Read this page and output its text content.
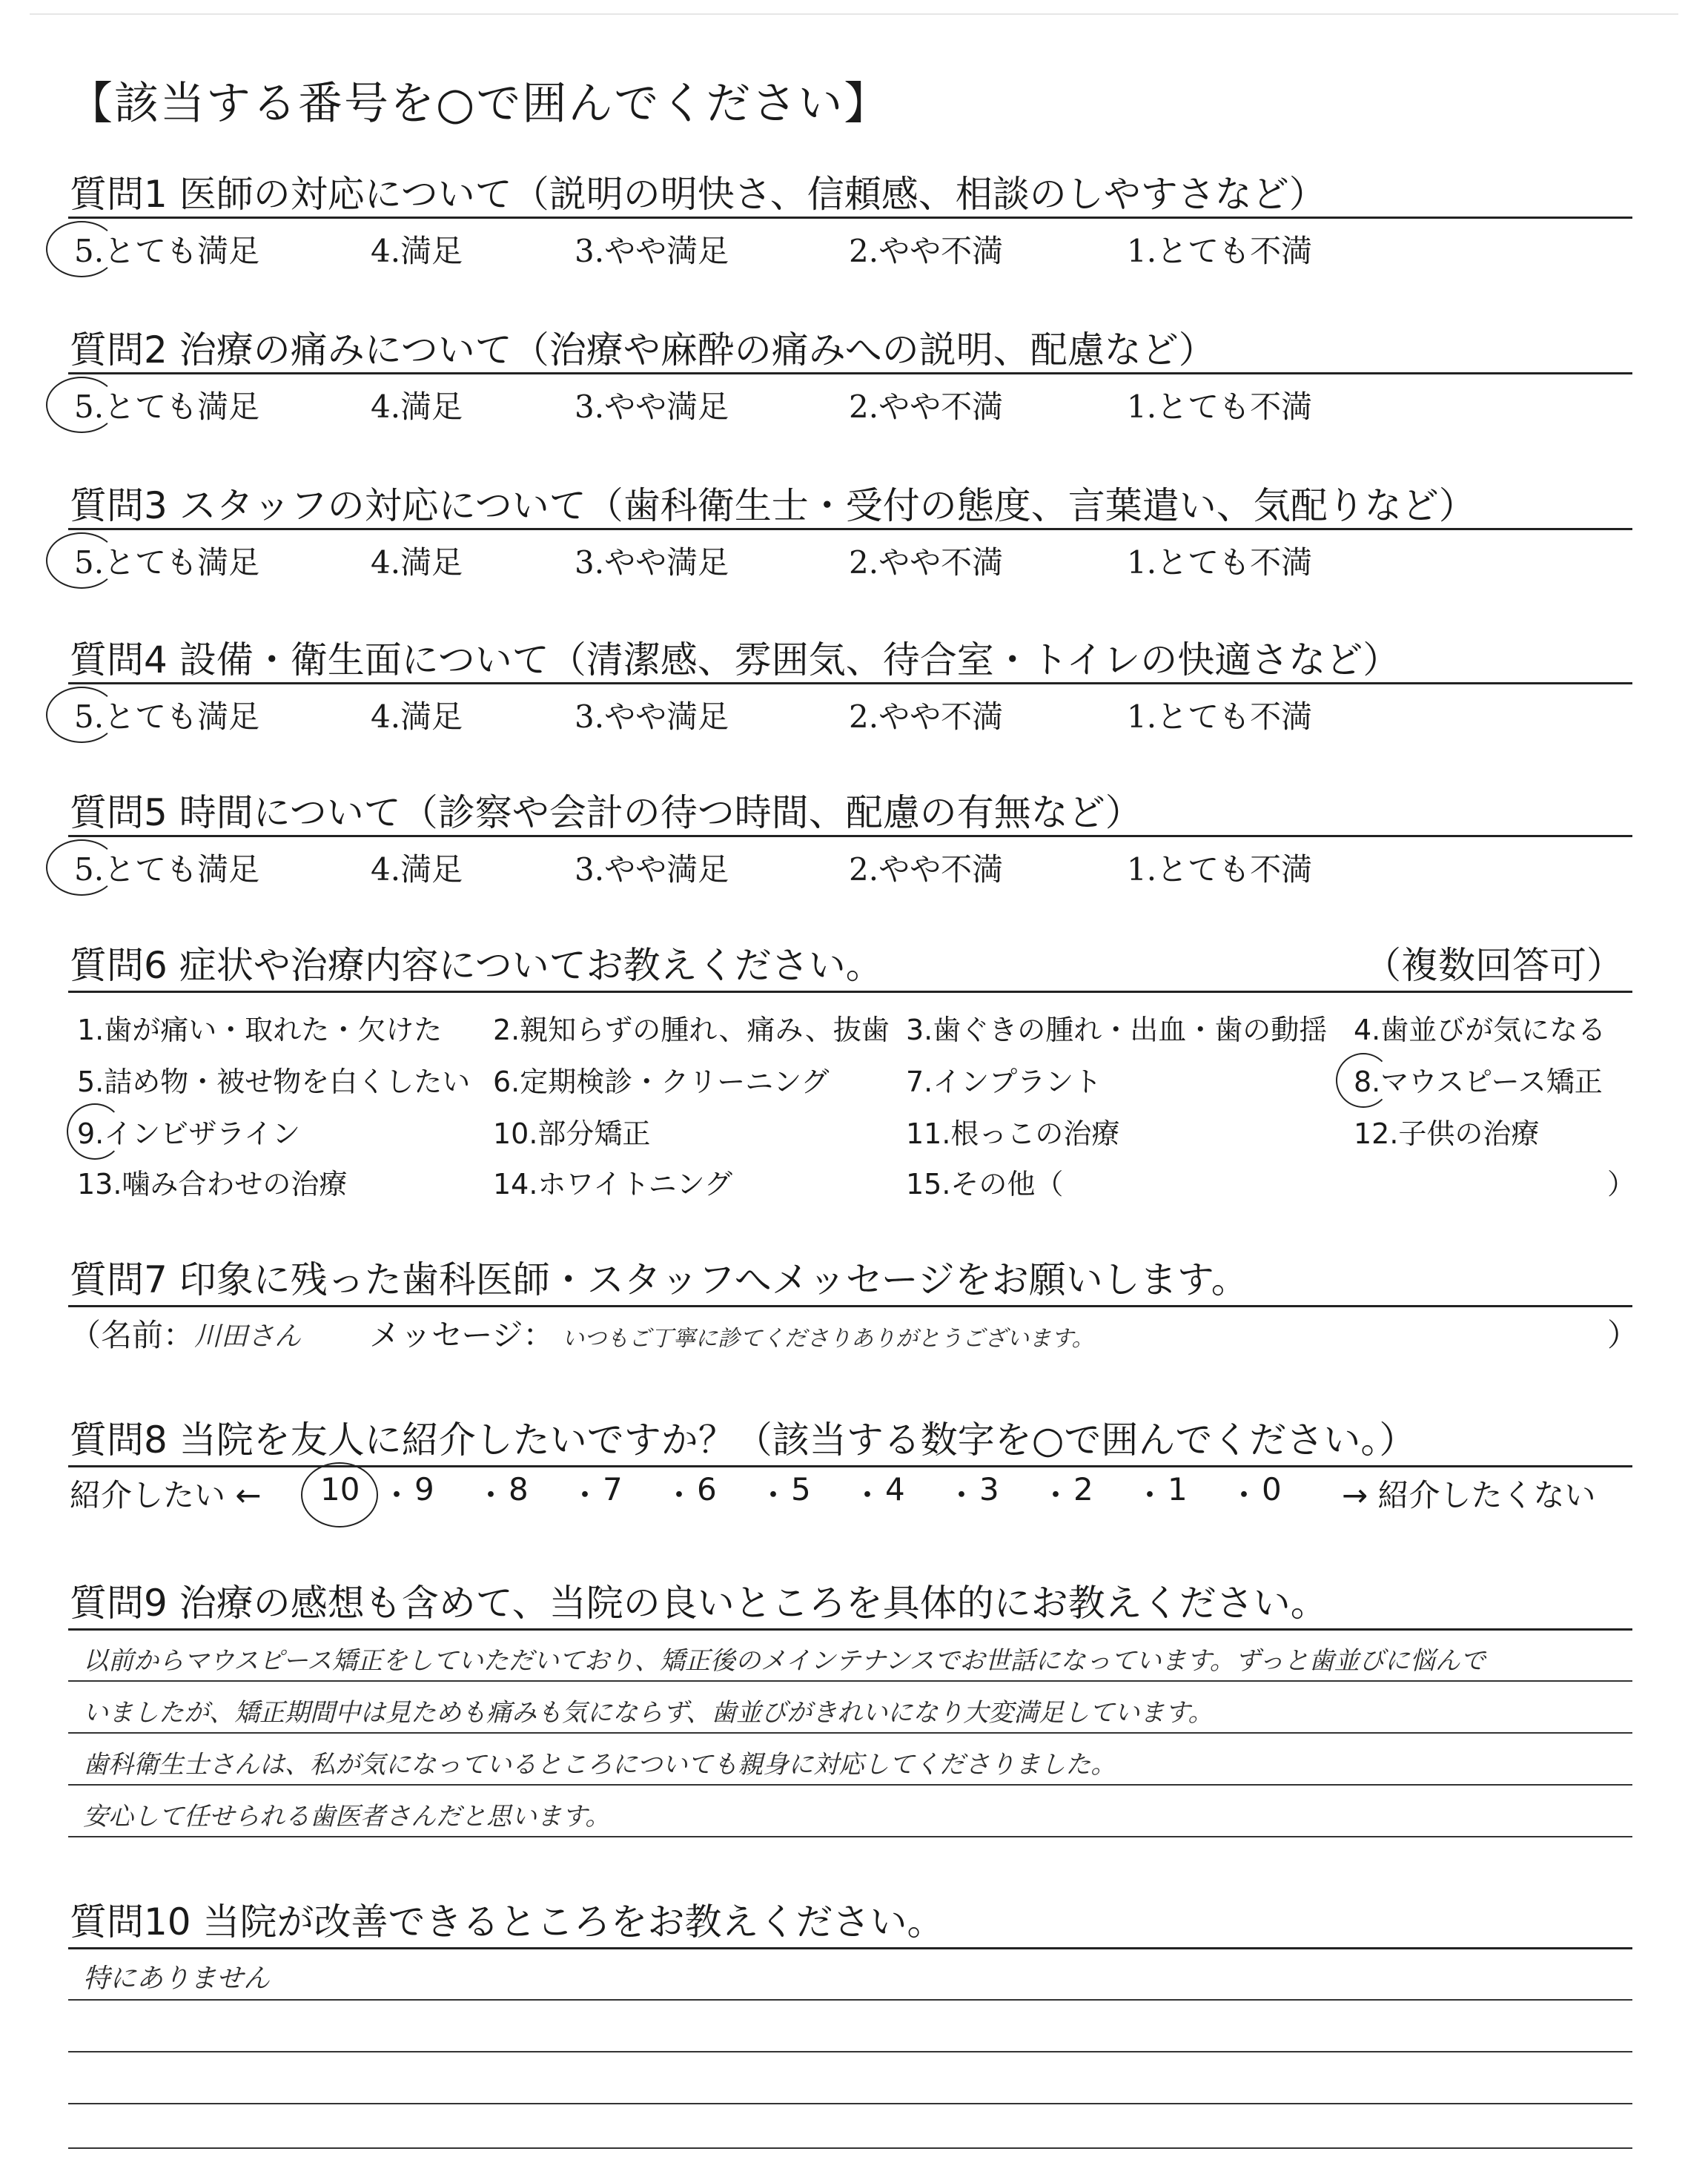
【該当する番号を○で囲んでください】
質問1 医師の対応について（説明の明快さ、信頼感、相談のしやすさなど）
5.とても満足	4.満足	3.やや満足	2.やや不満	1.とても不満
質問2 治療の痛みについて（治療や麻酔の痛みへの説明、配慮など）
5.とても満足	4.満足	3.やや満足	2.やや不満	1.とても不満
質問3 スタッフの対応について（歯科衛生士・受付の態度、言葉遣い、気配りなど）
5.とても満足	4.満足	3.やや満足	2.やや不満	1.とても不満
質問4 設備・衛生面について（清潔感、雰囲気、待合室・トイレの快適さなど）
5.とても満足	4.満足	3.やや満足	2.やや不満	1.とても不満
質問5 時間について（診察や会計の待つ時間、配慮の有無など）
5.とても満足	4.満足	3.やや満足	2.やや不満	1.とても不満
質問6 症状や治療内容についてお教えください。	（複数回答可）
1.歯が痛い・取れた・欠けた 2.親知らずの腫れ、痛み、抜歯 3.歯ぐきの腫れ・出血・歯の動揺 4.歯並びが気になる
5.詰め物・被せ物を白くしたい 6.定期検診・クリーニング	7.インプラント	8.マウスピース矯正
9.インビザライン	10.部分矯正	11.根っこの治療	12.子供の治療
13.噛み合わせの治療	14.ホワイトニング	15.その他（	）
質問7 印象に残った歯科医師・スタッフへメッセージをお願いします。
（名前： 川田さん メッセージ： いつもご丁寧に診てくださりありがとうございます。	）
質問8 当院を友人に紹介したいですか？（該当する数字を○で囲んでください。）
紹介したい ← 10 ・ 9 ・ 8 ・ 7 ・ 6 ・ 5 ・ 4 ・ 3 ・ 2 ・ 1 ・ 0 → 紹介したくない
質問9 治療の感想も含めて、当院の良いところを具体的にお教えください。
以前からマウスピース矯正をしていただいており、矯正後のメインテナンスでお世話になっています。ずっと歯並びに悩んで
いましたが、矯正期間中は見ためも痛みも気にならず、歯並びがきれいになり大変満足しています。
歯科衛生士さんは、私が気になっているところについても親身に対応してくださりました。
安心して任せられる歯医者さんだと思います。
質問10 当院が改善できるところをお教えください。
特にありません
